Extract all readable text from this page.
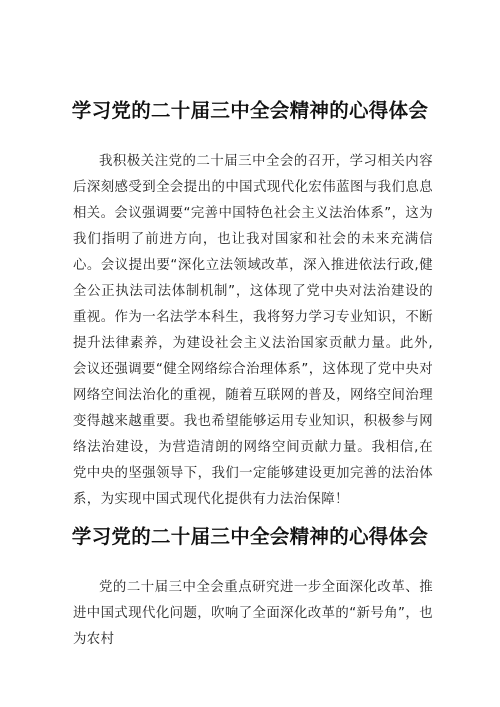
学习党的二十届三中全会精神的心得体会

我积极关注党的二十届三中全会的召开，学习相关内容后深刻感受到全会提出的中国式现代化宏伟蓝图与我们息息相关。会议强调要“完善中国特色社会主义法治体系”，这为我们指明了前进方向，也让我对国家和社会的未来充满信心。会议提出要“深化立法领域改革，深入推进依法行政,健全公正执法司法体制机制”，这体现了党中央对法治建设的重视。作为一名法学本科生，我将努力学习专业知识，不断提升法律素养，为建设社会主义法治国家贡献力量。此外,会议还强调要“健全网络综合治理体系”，这体现了党中央对网络空间法治化的重视，随着互联网的普及，网络空间治理变得越来越重要。我也希望能够运用专业知识，积极参与网络法治建设，为营造清朗的网络空间贡献力量。我相信,在党中央的坚强领导下，我们一定能够建设更加完善的法治体系，为实现中国式现代化提供有力法治保障！

学习党的二十届三中全会精神的心得体会

党的二十届三中全会重点研究进一步全面深化改革、推进中国式现代化问题，吹响了全面深化改革的“新号角”，也为农村
